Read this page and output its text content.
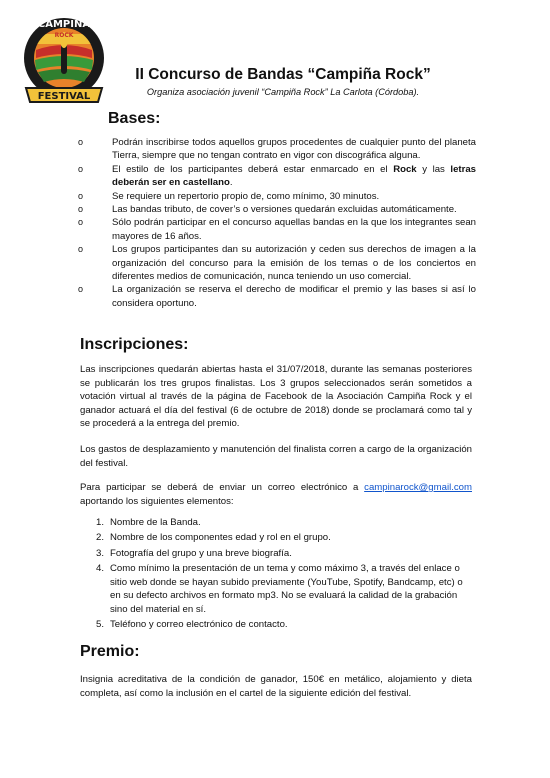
CAMPIÑA
ROCK
FESTIVAL
II Concurso de Bandas “Campiña Rock”
Organiza asociación juvenil “Campiña Rock” La Carlota (Córdoba).
Bases:
o	Podrán inscribirse todos aquellos grupos procedentes de cualquier punto del planeta Tierra, siempre que no tengan contrato en vigor con discográfica alguna.
o	El estilo de los participantes deberá estar enmarcado en el Rock y las letras deberán ser en castellano.
o	Se requiere un repertorio propio de, como mínimo, 30 minutos.
o	Las bandas tributo, de cover’s o versiones quedarán excluidas automáticamente.
o	Sólo podrán participar en el concurso aquellas bandas en la que los integrantes sean mayores de 16 años.
o	Los grupos participantes dan su autorización y ceden sus derechos de imagen a la organización del concurso para la emisión de los temas o de los conciertos en diferentes medios de comunicación, nunca teniendo un uso comercial.
o	La organización se reserva el derecho de modificar el premio y las bases si así lo considera oportuno.
Inscripciones:

Las inscripciones quedarán abiertas hasta el 31/07/2018, durante las semanas posteriores se publicarán los tres grupos finalistas. Los 3 grupos seleccionados serán sometidos a votación virtual al través de la página de Facebook de la Asociación Campiña Rock y el ganador actuará el día del festival (6 de octubre de 2018) donde se proclamará como tal y se procederá a la entrega del premio.

Los gastos de desplazamiento y manutención del finalista corren a cargo de la organización del festival.

Para participar se deberá de enviar un correo electrónico a campinarock@gmail.com aportando los siguientes elementos:

1. Nombre de la Banda.
2. Nombre de los componentes edad y rol en el grupo.
3. Fotografía del grupo y una breve biografía.
4. Como mínimo la presentación de un tema y como máximo 3, a través del enlace o sitio web donde se hayan subido previamente (YouTube, Spotify, Bandcamp, etc) o en su defecto archivos en formato mp3. No se evaluará la calidad de la grabación sino del material en sí.
5. Teléfono y correo electrónico de contacto.
Premio:

Insignia acreditativa de la condición de ganador, 150€ en metálico, alojamiento y dieta completa, así como la inclusión en el cartel de la siguiente edición del festival.
